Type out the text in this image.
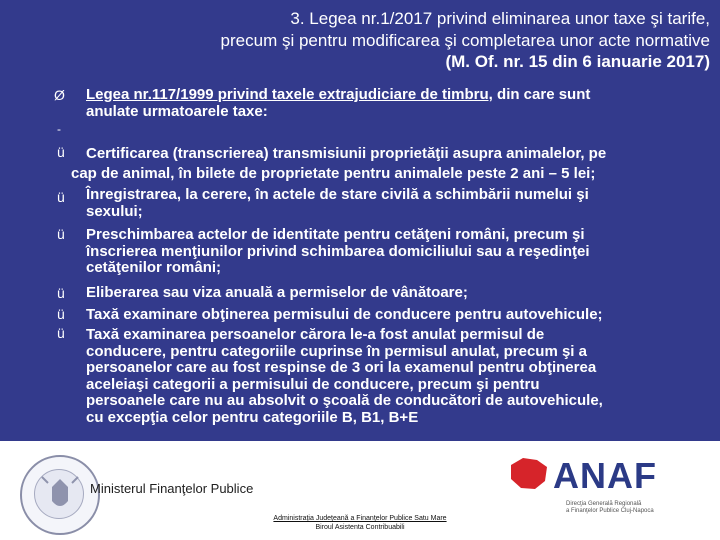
3. Legea nr.1/2017 privind eliminarea unor taxe şi tarife,
precum şi pentru modificarea şi completarea unor acte normative
(M. Of. nr. 15 din 6 ianuarie 2017)
Ø Legea nr.117/1999 privind taxele extrajudiciare de timbru, din care sunt
anulate urmatoarele taxe:
-
ü Certificarea (transcrierea) transmisiunii proprietăţii asupra animalelor, pe
cap de animal, în bilete de proprietate pentru animalele peste 2 ani – 5 lei;
ü Înregistrarea, la cerere, în actele de stare civilă a schimbării numelui şi
sexului;
ü Preschimbarea actelor de identitate pentru cetăţeni români, precum şi
înscrierea menţiunilor privind schimbarea domiciliului sau a reşedinţei
cetăţenilor români;
ü Eliberarea sau viza anuală a permiselor de vânătoare;
ü Taxă examinare obţinerea permisului de conducere pentru autovehicule;
ü Taxă examinarea persoanelor cărora le-a fost anulat permisul de
conducere, pentru categoriile cuprinse în permisul anulat, precum şi a
persoanelor care au fost respinse de 3 ori la examenul pentru obţinerea
aceleiaşi categorii a permisului de conducere, precum şi pentru
persoanele care nu au absolvit o şcoală de conducători de autovehicule,
cu excepţia celor pentru categoriile B, B1, B+E
Ministerul Finanţelor Publice	ANAF
Direcţia Generală Regională
a Finanţelor Publice Cluj-Napoca
Administraţia Judeţeană a Finanţelor Publice Satu Mare
Biroul Asistenta Contribuabili
